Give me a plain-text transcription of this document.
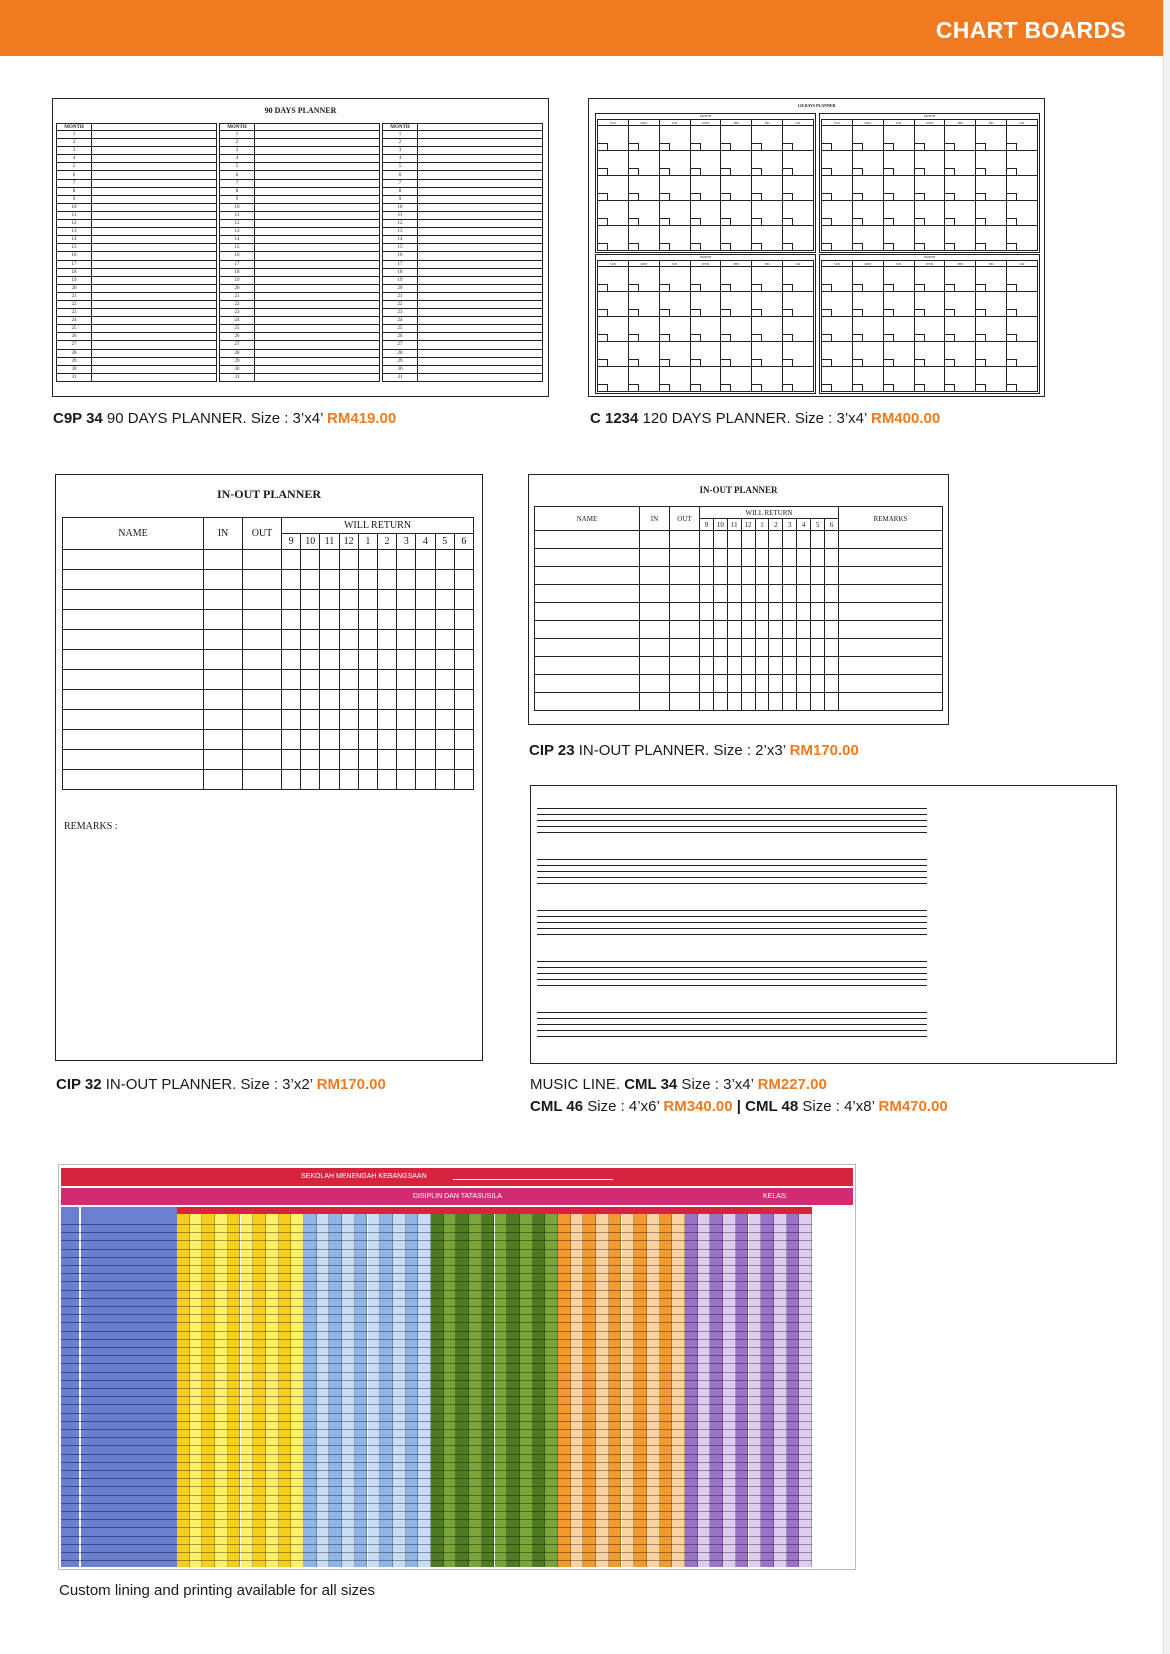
CHART BOARDS
90 DAYS PLANNER
MONTH	
1	
2	
3	
4	
5	
6	
7	
8	
9	
10	
11	
12	
13	
14	
15	
16	
17	
18	
19	
20	
21	
22	
23	
24	
25	
26	
27	
28	
29	
30	
31	
MONTH	
1	
2	
3	
4	
5	
6	
7	
8	
9	
10	
11	
12	
13	
14	
15	
16	
17	
18	
19	
20	
21	
22	
23	
24	
25	
26	
27	
28	
29	
30	
31	
MONTH	
1	
2	
3	
4	
5	
6	
7	
8	
9	
10	
11	
12	
13	
14	
15	
16	
17	
18	
19	
20	
21	
22	
23	
24	
25	
26	
27	
28	
29	
30	
31	
C9P 34 90 DAYS PLANNER. Size : 3’x4’ RM419.00
120 DAYS PLANNER
MONTH
SUN	MON	TUE	WED	THU	FRI	SAT

MONTH
SUN	MON	TUE	WED	THU	FRI	SAT

MONTH
SUN	MON	TUE	WED	THU	FRI	SAT

MONTH
SUN	MON	TUE	WED	THU	FRI	SAT

C 1234 120 DAYS PLANNER. Size : 3’x4’ RM400.00
IN-OUT PLANNER
NAME	IN	OUT	WILL RETURN									
			9	10	11	12	1	2	3	4	5	6

REMARKS :
CIP 32 IN-OUT PLANNER. Size : 3’x2’ RM170.00
IN-OUT PLANNER
NAME	IN	OUT	WILL RETURN										REMARKS
			9	10	11	12	1	2	3	4	5	6	

CIP 23 IN-OUT PLANNER. Size : 2’x3’ RM170.00
MUSIC LINE. CML 34 Size : 3’x4’ RM227.00
CML 46 Size : 4’x6’ RM340.00 | CML 48 Size : 4’x8’ RM470.00
SEKOLAH MENENGAH KEBANGSAAN
DISIPLIN DAN TATASUSILA	KELAS:
Custom lining and printing available for all sizes
